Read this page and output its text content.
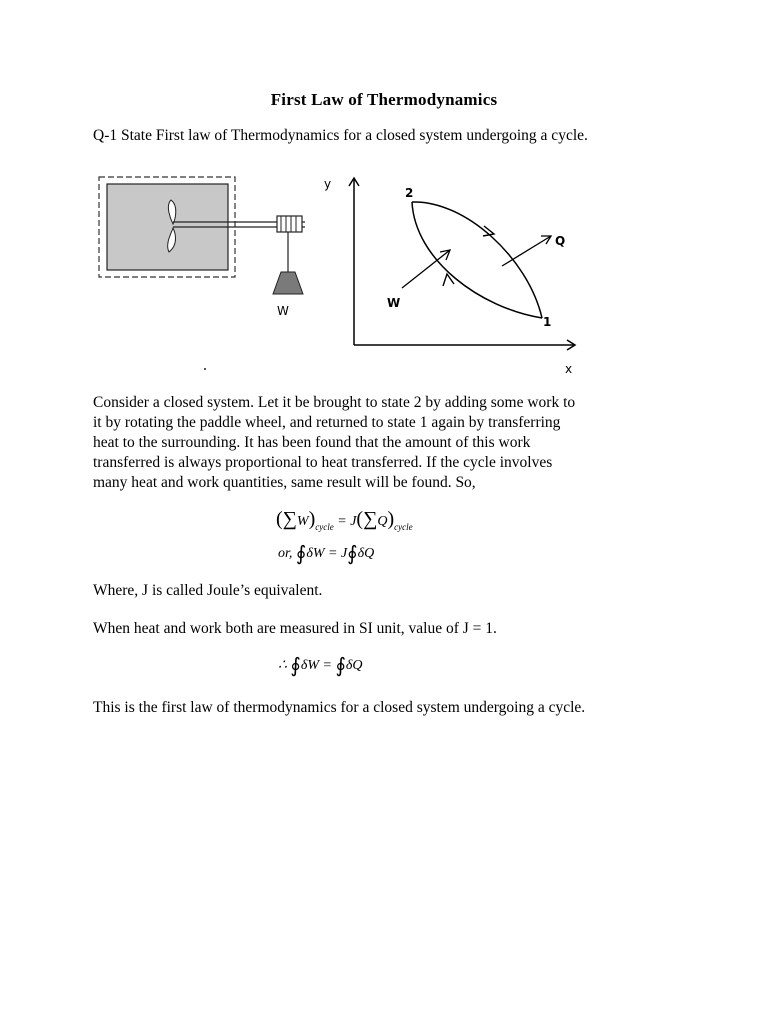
First Law of Thermodynamics
Q-1 State First law of Thermodynamics for a closed system undergoing a cycle.
W
y
x
2
1
W
Q
Consider a closed system. Let it be brought to state 2 by adding some work to
it by rotating the paddle wheel, and returned to state 1 again by transferring
heat to the surrounding. It has been found that the amount of this work
transferred is always proportional to heat transferred. If the cycle involves
many heat and work quantities, same result will be found. So,
$(\sum W)_{cycle} = J(\sum Q)_{cycle}$
or, ∮δW = J∮δQ
Where, J is called Joule’s equivalent.
When heat and work both are measured in SI unit, value of J = 1.
∴ ∮δW = ∮δQ
This is the first law of thermodynamics for a closed system undergoing a cycle.
